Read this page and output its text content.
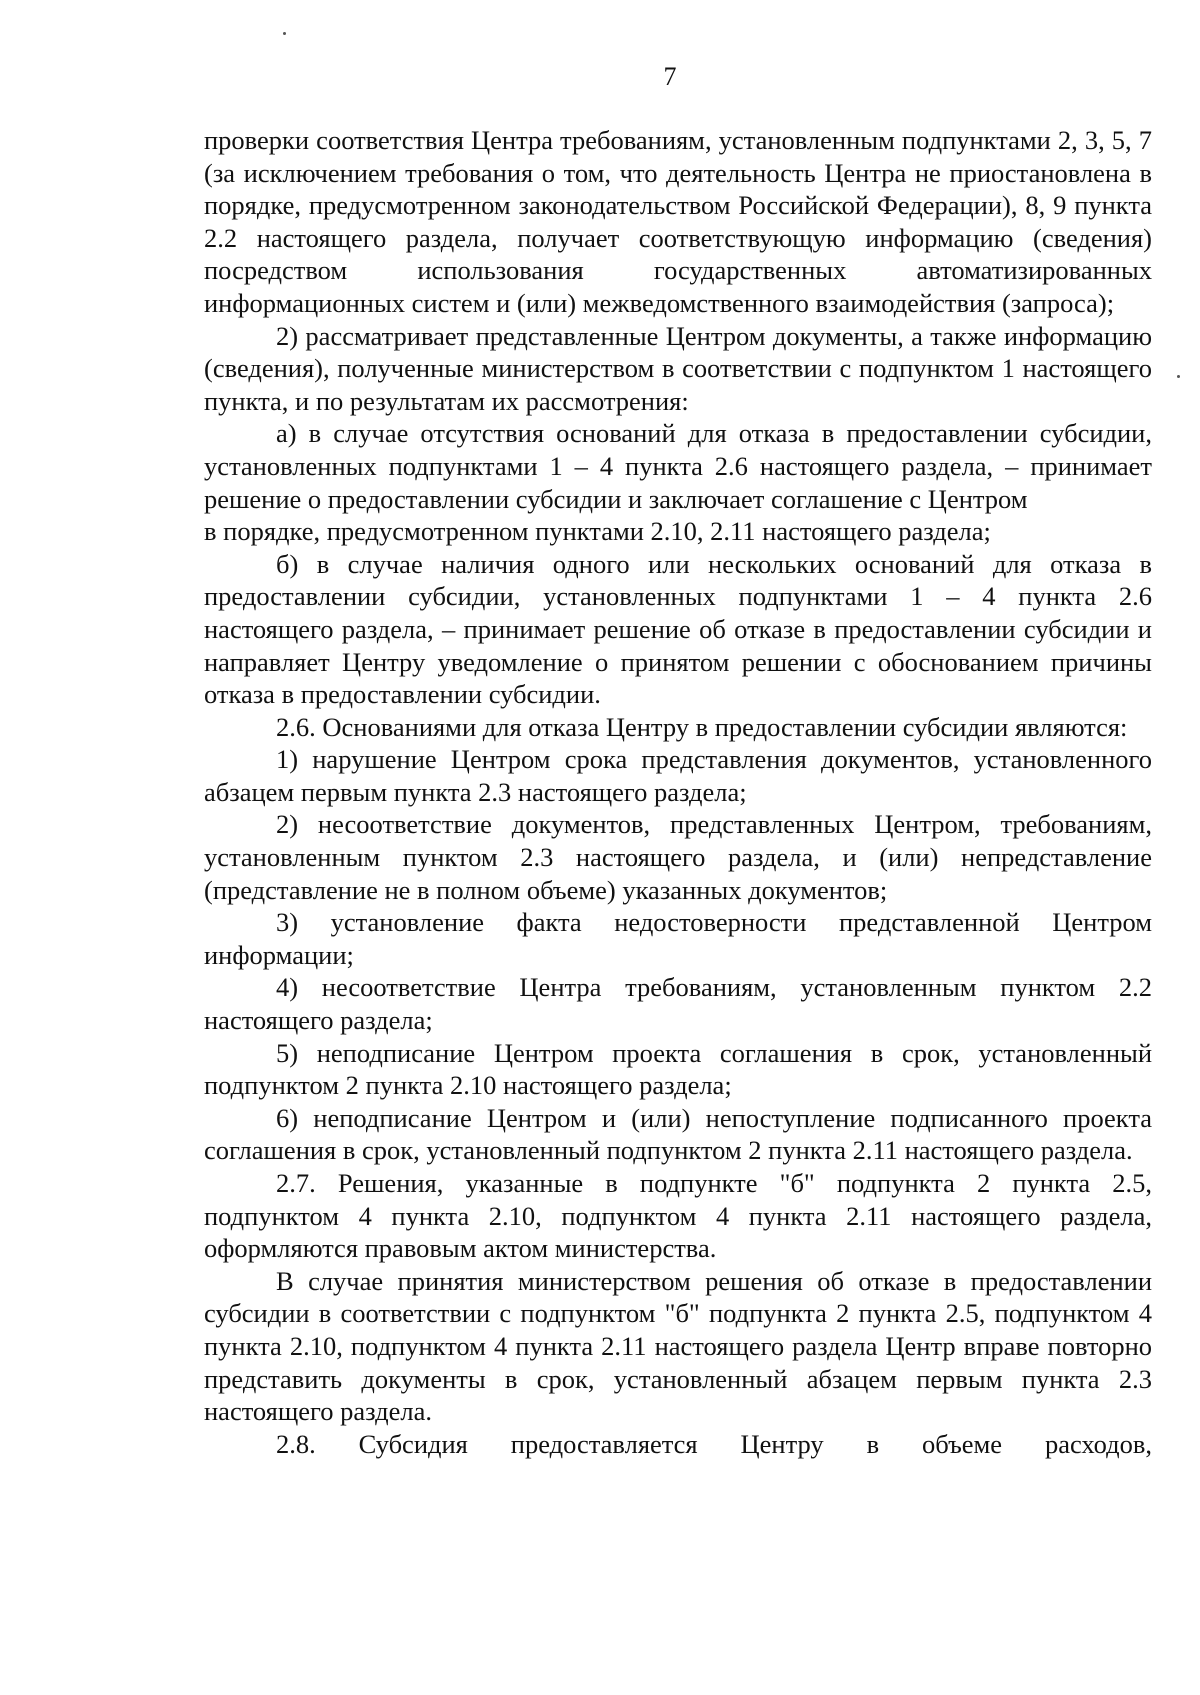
7

проверки соответствия Центра требованиям, установленным подпунктами 2, 3, 5, 7 (за исключением требования о том, что деятельность Центра не приостановлена в порядке, предусмотренном законодательством Российской Федерации), 8, 9 пункта 2.2 настоящего раздела, получает соответствующую информацию (сведения) посредством использования государственных автоматизированных информационных систем и (или) межведомственного взаимодействия (запроса);

2) рассматривает представленные Центром документы, а также информацию (сведения), полученные министерством в соответствии с подпунктом 1 настоящего пункта, и по результатам их рассмотрения:

а) в случае отсутствия оснований для отказа в предоставлении субсидии, установленных подпунктами 1 – 4 пункта 2.6 настоящего раздела, – принимает решение о предоставлении субсидии и заключает соглашение с Центром

в порядке, предусмотренном пунктами 2.10, 2.11 настоящего раздела;

б) в случае наличия одного или нескольких оснований для отказа в предоставлении субсидии, установленных подпунктами 1 – 4 пункта 2.6 настоящего раздела, – принимает решение об отказе в предоставлении субсидии и направляет Центру уведомление о принятом решении с обоснованием причины отказа в предоставлении субсидии.

2.6. Основаниями для отказа Центру в предоставлении субсидии являются:

1) нарушение Центром срока представления документов, установленного абзацем первым пункта 2.3 настоящего раздела;

2) несоответствие документов, представленных Центром, требованиям, установленным пунктом 2.3 настоящего раздела, и (или) непредставление (представление не в полном объеме) указанных документов;

3) установление факта недостоверности представленной Центром информации;

4) несоответствие Центра требованиям, установленным пунктом 2.2 настоящего раздела;

5) неподписание Центром проекта соглашения в срок, установленный подпунктом 2 пункта 2.10 настоящего раздела;

6) неподписание Центром и (или) непоступление подписанного проекта соглашения в срок, установленный подпунктом 2 пункта 2.11 настоящего раздела.

2.7. Решения, указанные в подпункте "б" подпункта 2 пункта 2.5, подпунктом 4 пункта 2.10, подпунктом 4 пункта 2.11 настоящего раздела, оформляются правовым актом министерства.

В случае принятия министерством решения об отказе в предоставлении субсидии в соответствии с подпунктом "б" подпункта 2 пункта 2.5, подпунктом 4 пункта 2.10, подпунктом 4 пункта 2.11 настоящего раздела Центр вправе повторно представить документы в срок, установленный абзацем первым пункта 2.3 настоящего раздела.

2.8. Субсидия предоставляется Центру в объеме расходов,
